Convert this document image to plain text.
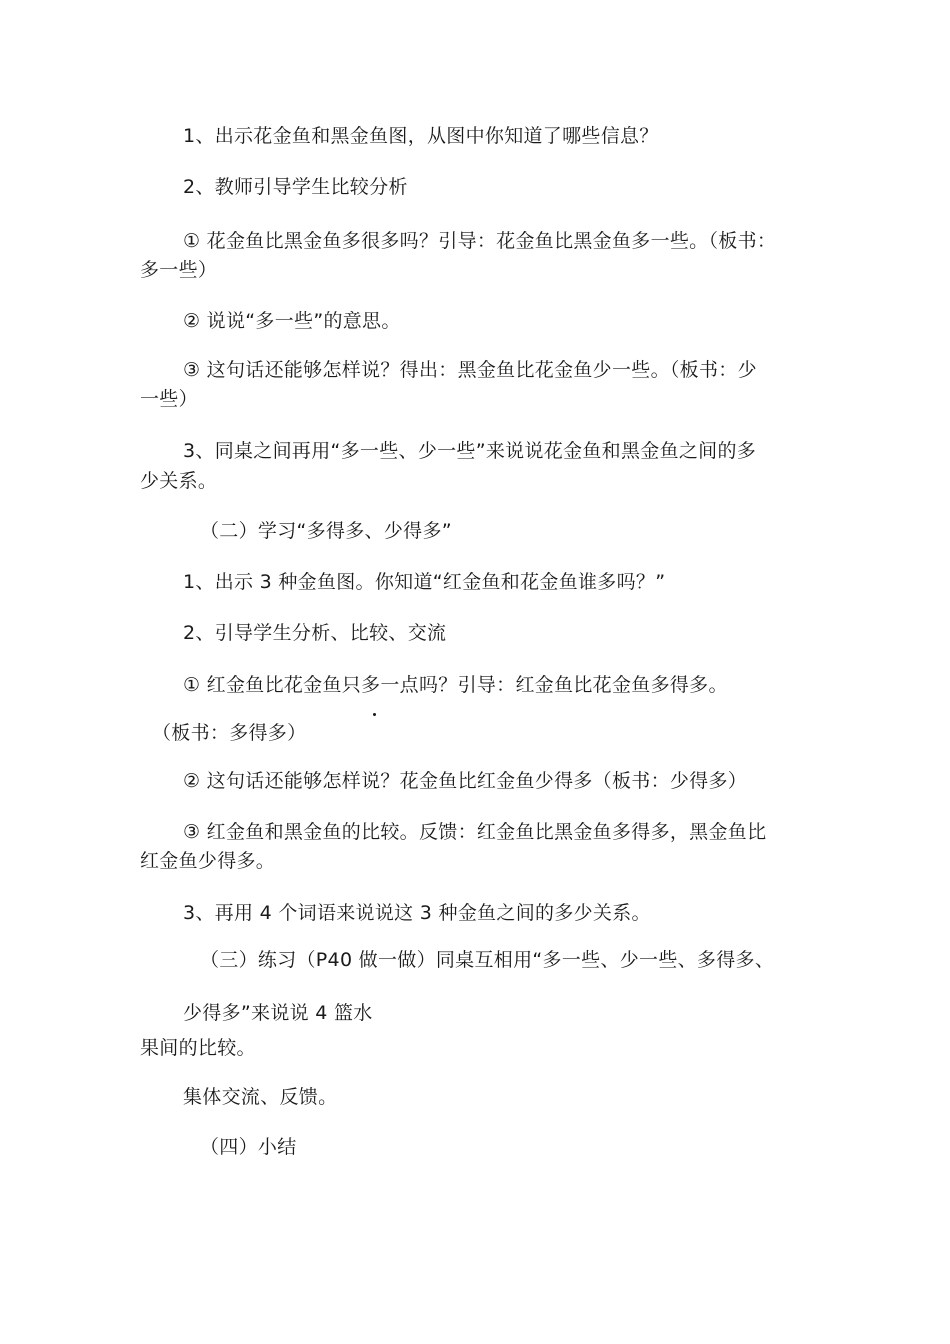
1、出示花金鱼和黑金鱼图，从图中你知道了哪些信息？
2、教师引导学生比较分析
① 花金鱼比黑金鱼多很多吗？引导：花金鱼比黑金鱼多一些。（板书：
多一些）
② 说说“多一些”的意思。
③ 这句话还能够怎样说？得出：黑金鱼比花金鱼少一些。（板书：少
一些）
3、同桌之间再用“多一些、少一些”来说说花金鱼和黑金鱼之间的多
少关系。
（二）学习“多得多、少得多”
1、出示 3 种金鱼图。你知道“红金鱼和花金鱼谁多吗？”
2、引导学生分析、比较、交流
① 红金鱼比花金鱼只多一点吗？引导：红金鱼比花金鱼多得多。
（板书：多得多）
② 这句话还能够怎样说？花金鱼比红金鱼少得多（板书：少得多）
③ 红金鱼和黑金鱼的比较。反馈：红金鱼比黑金鱼多得多，黑金鱼比
红金鱼少得多。
3、再用 4 个词语来说说这 3 种金鱼之间的多少关系。
（三）练习（P40 做一做）同桌互相用“多一些、少一些、多得多、
少得多”来说说 4 篮水
果间的比较。
集体交流、反馈。
（四）小结
